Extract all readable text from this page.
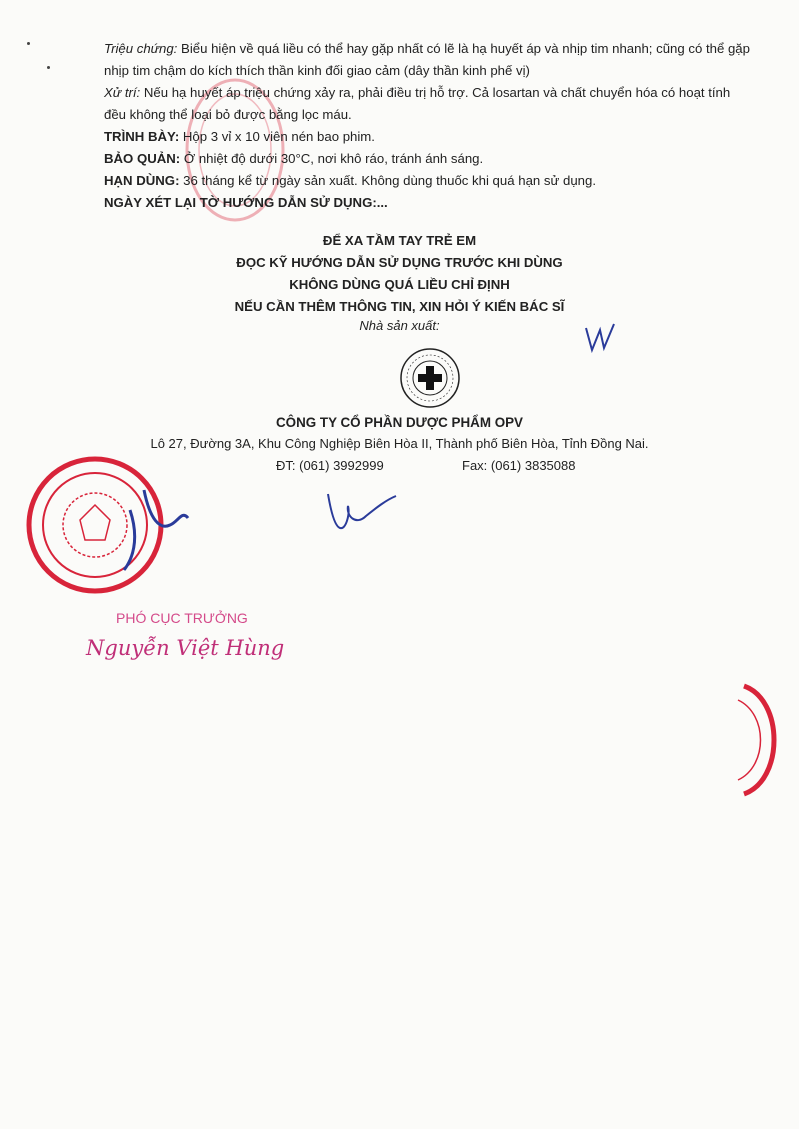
Triệu chứng: Biểu hiện về quá liều có thể hay gặp nhất có lẽ là hạ huyết áp và nhịp tim nhanh; cũng có thể gặp nhịp tim chậm do kích thích thần kinh đối giao cảm (dây thần kinh phế vị)

Xử trí: Nếu hạ huyết áp triệu chứng xảy ra, phải điều trị hỗ trợ. Cả losartan và chất chuyển hóa có hoạt tính đều không thể loại bỏ được bằng lọc máu.

TRÌNH BÀY: Hộp 3 vỉ x 10 viên nén bao phim.

BẢO QUẢN: Ở nhiệt độ dưới 30°C, nơi khô ráo, tránh ánh sáng.

HẠN DÙNG: 36 tháng kể từ ngày sản xuất. Không dùng thuốc khi quá hạn sử dụng.

NGÀY XÉT LẠI TỜ HƯỚNG DẪN SỬ DỤNG:...

ĐỂ XA TẦM TAY TRẺ EM
ĐỌC KỸ HƯỚNG DẪN SỬ DỤNG TRƯỚC KHI DÙNG
KHÔNG DÙNG QUÁ LIỀU CHỈ ĐỊNH
NẾU CẦN THÊM THÔNG TIN, XIN HỎI Ý KIẾN BÁC SĨ
Nhà sản xuất:
CÔNG TY CỔ PHẦN DƯỢC PHẨM OPV
Lô 27, Đường 3A, Khu Công Nghiệp Biên Hòa II, Thành phố Biên Hòa, Tỉnh Đồng Nai.
ĐT: (061) 3992999	Fax: (061) 3835088
PHÓ CỤC TRƯỞNG
Nguyễn Việt Hùng
